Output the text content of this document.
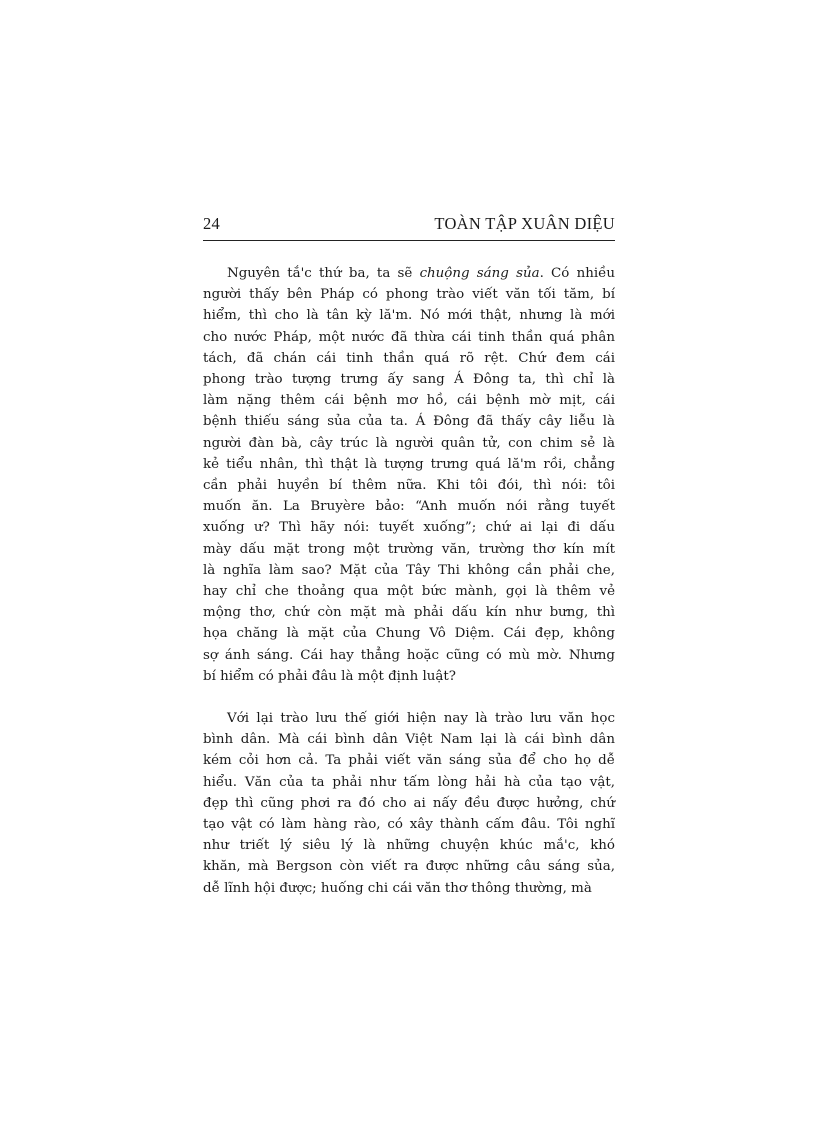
24	TOÀN TẬP XUÂN DIỆU
Nguyên tắ'c thứ ba, ta sẽ chuộng sáng sủa. Có nhiều
người thấy bên Pháp có phong trào viết văn tối tăm, bí
hiểm, thì cho là tân kỳ lă'm. Nó mới thật, nhưng là mới
cho nước Pháp, một nước đã thừa cái tinh thần quá phân
tách, đã chán cái tinh thần quá rõ rệt. Chứ đem cái
phong trào tượng trưng ấy sang Á Đông ta, thì chỉ là
làm nặng thêm cái bệnh mơ hồ, cái bệnh mờ mịt, cái
bệnh thiếu sáng sủa của ta. Á Đông đã thấy cây liễu là
người đàn bà, cây trúc là người quân tử, con chim sẻ là
kẻ tiểu nhân, thì thật là tượng trưng quá lă'm rồi, chẳng
cần phải huyền bí thêm nữa. Khi tôi đói, thì nói: tôi
muốn ăn. La Bruyère bảo: “Anh muốn nói rằng tuyết
xuống ư? Thì hãy nói: tuyết xuống”; chứ ai lại đi dấu
mày dấu mặt trong một trường văn, trường thơ kín mít
là nghĩa làm sao? Mặt của Tây Thi không cần phải che,
hay chỉ che thoảng qua một bức mành, gọi là thêm vẻ
mộng thơ, chứ còn mặt mà phải dấu kín như bưng, thì
họa chăng là mặt của Chung Vô Diệm. Cái đẹp, không
sợ ánh sáng. Cái hay thẳng hoặc cũng có mù mờ. Nhưng
bí hiểm có phải đâu là một định luật?
Với lại trào lưu thế giới hiện nay là trào lưu văn học
bình dân. Mà cái bình dân Việt Nam lại là cái bình dân
kém cỏi hơn cả. Ta phải viết văn sáng sủa để cho họ dễ
hiểu. Văn của ta phải như tấm lòng hải hà của tạo vật,
đẹp thì cũng phơi ra đó cho ai nấy đều được hưởng, chứ
tạo vật có làm hàng rào, có xây thành cấm đâu. Tôi nghĩ
như triết lý siêu lý là những chuyện khúc mắ'c, khó
khăn, mà Bergson còn viết ra được những câu sáng sủa,
dễ lĩnh hội được; huống chi cái văn thơ thông thường, mà
